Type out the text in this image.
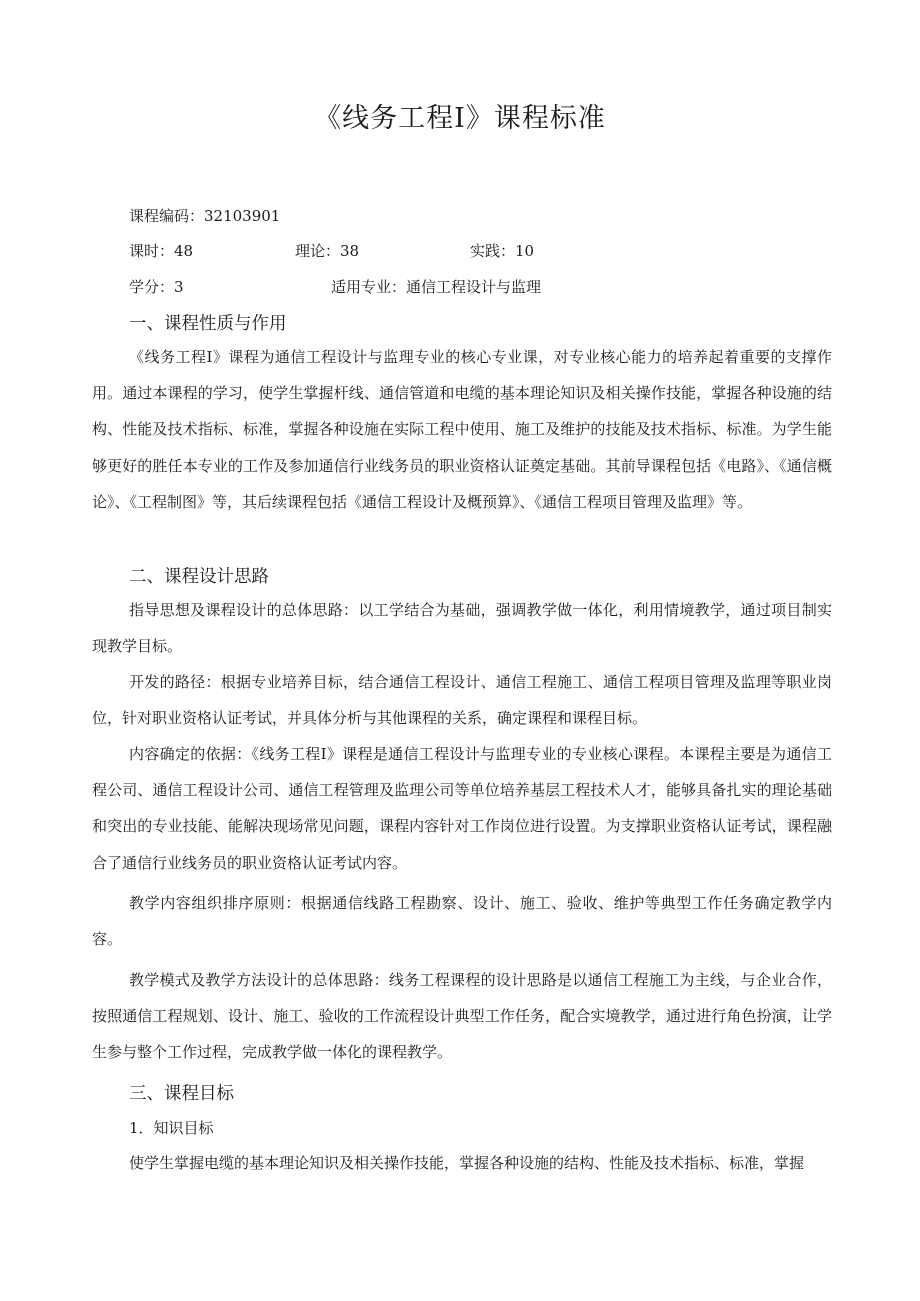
《线务工程Ⅰ》课程标准
课程编码：32103901
课时：48	理论：38	实践：10
学分：3	适用专业：通信工程设计与监理
一、课程性质与作用

《线务工程Ⅰ》课程为通信工程设计与监理专业的核心专业课，对专业核心能力的培养起着重要的支撑作用。通过本课程的学习，使学生掌握杆线、通信管道和电缆的基本理论知识及相关操作技能，掌握各种设施的结构、性能及技术指标、标准，掌握各种设施在实际工程中使用、施工及维护的技能及技术指标、标准。为学生能够更好的胜任本专业的工作及参加通信行业线务员的职业资格认证奠定基础。其前导课程包括《电路》、《通信概论》、《工程制图》等，其后续课程包括《通信工程设计及概预算》、《通信工程项目管理及监理》等。

二、课程设计思路

指导思想及课程设计的总体思路：以工学结合为基础，强调教学做一体化，利用情境教学，通过项目制实现教学目标。

开发的路径：根据专业培养目标，结合通信工程设计、通信工程施工、通信工程项目管理及监理等职业岗位，针对职业资格认证考试，并具体分析与其他课程的关系，确定课程和课程目标。

内容确定的依据：《线务工程Ⅰ》课程是通信工程设计与监理专业的专业核心课程。本课程主要是为通信工程公司、通信工程设计公司、通信工程管理及监理公司等单位培养基层工程技术人才，能够具备扎实的理论基础和突出的专业技能、能解决现场常见问题，课程内容针对工作岗位进行设置。为支撑职业资格认证考试，课程融合了通信行业线务员的职业资格认证考试内容。

教学内容组织排序原则：根据通信线路工程勘察、设计、施工、验收、维护等典型工作任务确定教学内容。

教学模式及教学方法设计的总体思路：线务工程课程的设计思路是以通信工程施工为主线，与企业合作，按照通信工程规划、设计、施工、验收的工作流程设计典型工作任务，配合实境教学，通过进行角色扮演，让学生参与整个工作过程，完成教学做一体化的课程教学。

三、课程目标
1．知识目标

使学生掌握电缆的基本理论知识及相关操作技能，掌握各种设施的结构、性能及技术指标、标准，掌握
